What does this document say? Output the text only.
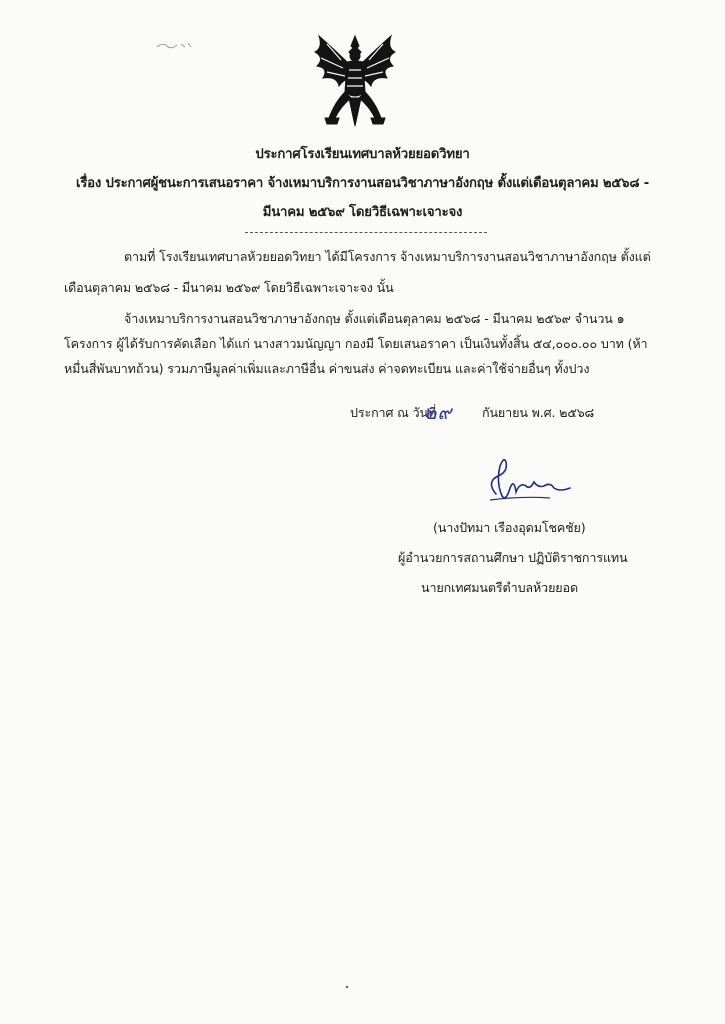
ประกาศโรงเรียนเทศบาลห้วยยอดวิทยา
เรื่อง ประกาศผู้ชนะการเสนอราคา จ้างเหมาบริการงานสอนวิชาภาษาอังกฤษ ตั้งแต่เดือนตุลาคม ๒๕๖๘ -
มีนาคม ๒๕๖๙ โดยวิธีเฉพาะเจาะจง
ตามที่ โรงเรียนเทศบาลห้วยยอดวิทยา ได้มีโครงการ จ้างเหมาบริการงานสอนวิชาภาษาอังกฤษ ตั้งแต่
เดือนตุลาคม ๒๕๖๘ - มีนาคม ๒๕๖๙ โดยวิธีเฉพาะเจาะจง นั้น
จ้างเหมาบริการงานสอนวิชาภาษาอังกฤษ ตั้งแต่เดือนตุลาคม ๒๕๖๘ - มีนาคม ๒๕๖๙ จำนวน ๑
โครงการ ผู้ได้รับการคัดเลือก ได้แก่ นางสาวมนัญญา กองมี โดยเสนอราคา เป็นเงินทั้งสิ้น ๕๔,๐๐๐.๐๐ บาท (ห้า
หมื่นสี่พันบาทถ้วน) รวมภาษีมูลค่าเพิ่มและภาษีอื่น ค่าขนส่ง ค่าจดทะเบียน และค่าใช้จ่ายอื่นๆ ทั้งปวง
ประกาศ ณ วันที่
๒๙ กันยายน พ.ศ. ๒๕๖๘
(นางปัทมา เรืองอุดมโชคชัย)
ผู้อำนวยการสถานศึกษา ปฏิบัติราชการแทน
นายกเทศมนตรีตำบลห้วยยอด
